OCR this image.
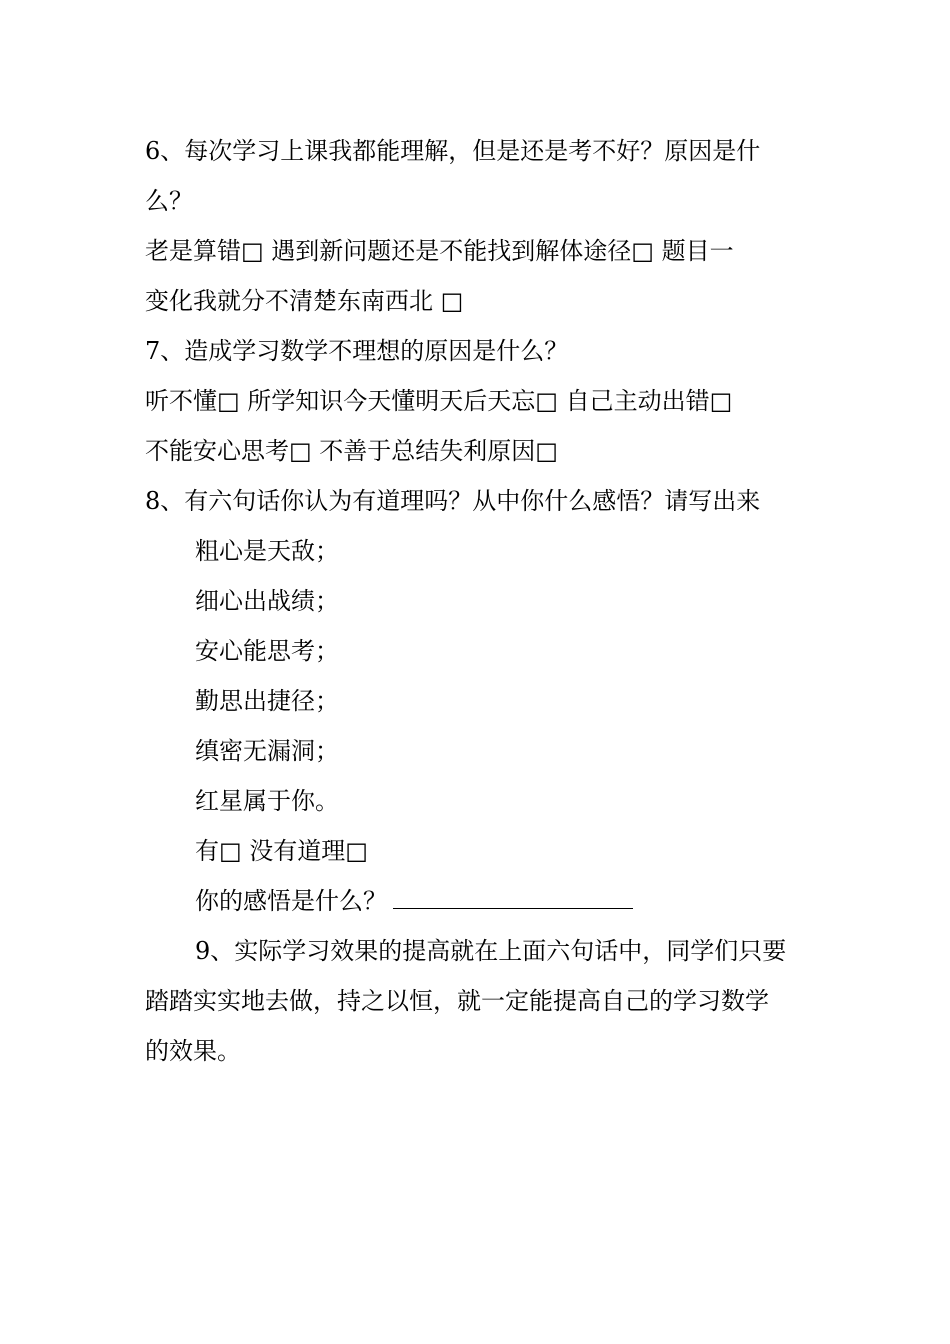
6、每次学习上课我都能理解，但是还是考不好？原因是什
么？
老是算错□ 遇到新问题还是不能找到解体途径□ 题目一
变化我就分不清楚东南西北 □
7、造成学习数学不理想的原因是什么？
听不懂□ 所学知识今天懂明天后天忘□ 自己主动出错□
不能安心思考□ 不善于总结失利原因□
8、有六句话你认为有道理吗？从中你什么感悟？请写出来
粗心是天敌；
细心出战绩；
安心能思考；
勤思出捷径；
缜密无漏洞；
红星属于你。
有□ 没有道理□
你的感悟是什么？
9、实际学习效果的提高就在上面六句话中，同学们只要
踏踏实实地去做，持之以恒，就一定能提高自己的学习数学
的效果。
